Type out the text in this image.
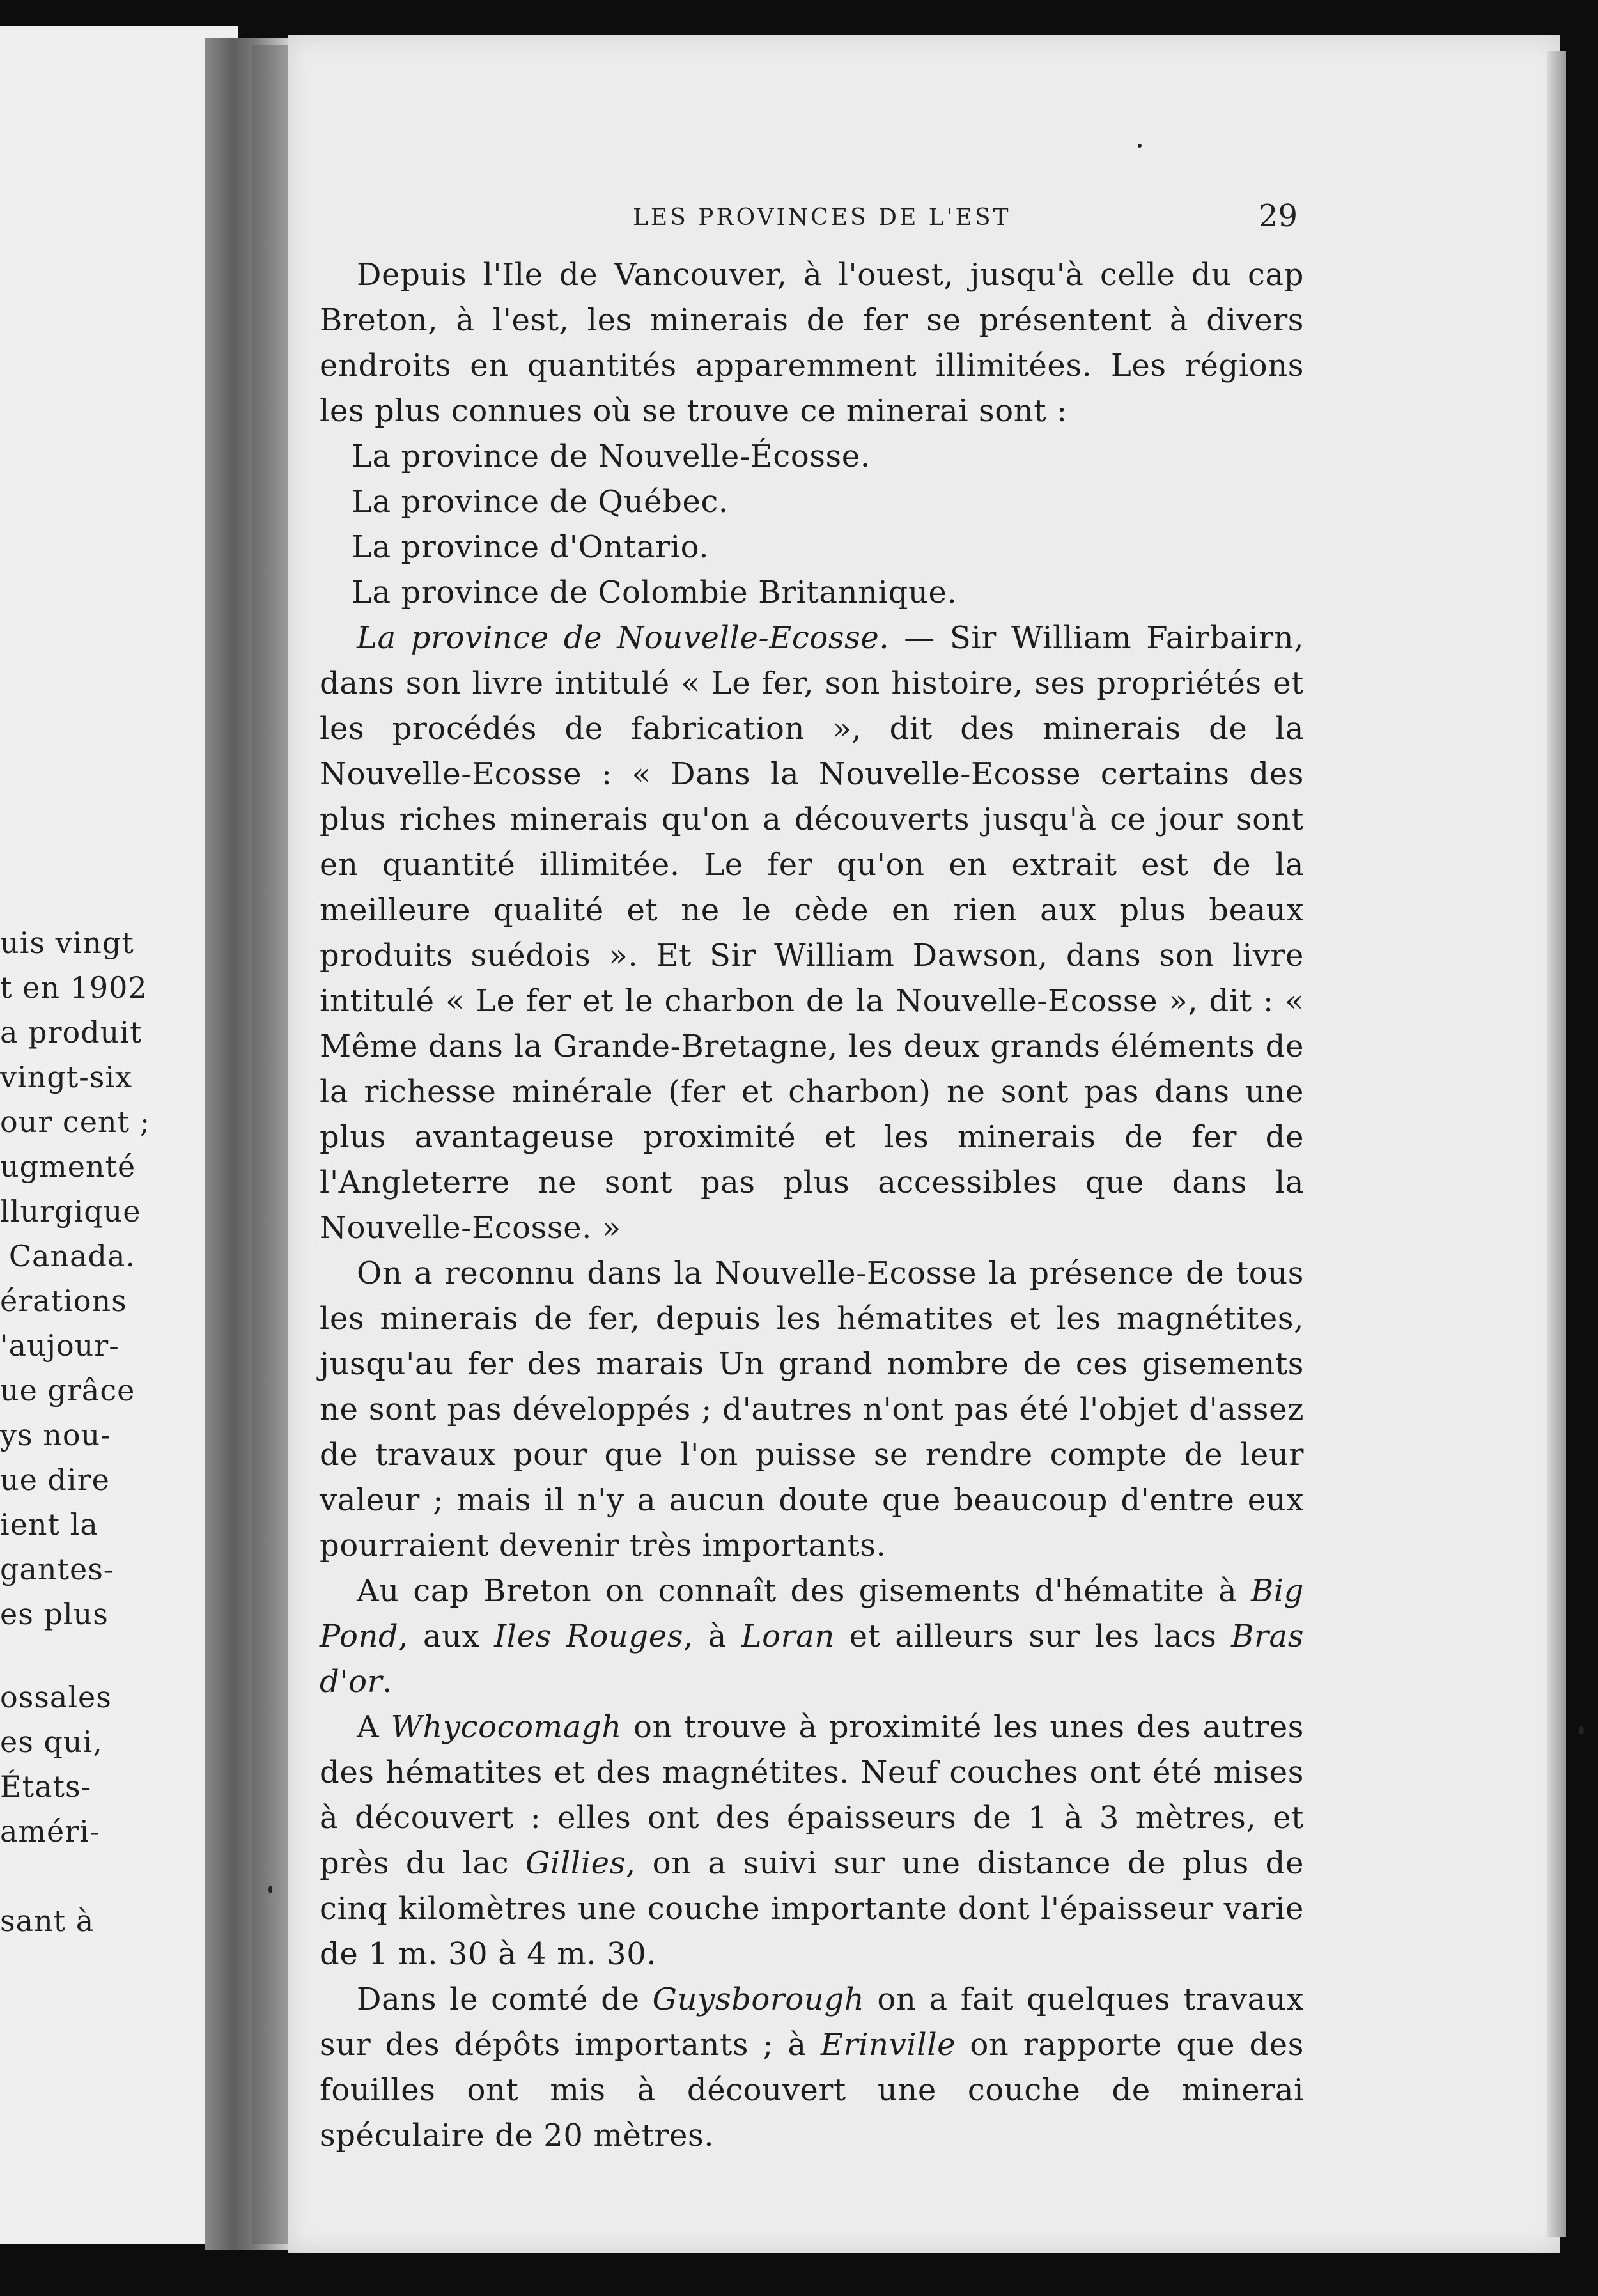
uis vingt
t en 1902
a produit
vingt-six
our cent ;
ugmenté
llurgique
Canada.
érations
'aujour-
ue grâce
ys nou-
ue dire
ient la
gantes-
es plus
ossales
es qui,
États-
améri-
sant à
LES PROVINCES DE L'EST	29

Depuis l'Ile de Vancouver, à l'ouest, jusqu'à celle du cap Breton, à l'est, les minerais de fer se présentent à divers endroits en quantités apparemment illimitées. Les régions les plus connues où se trouve ce minerai sont :

La province de Nouvelle-Écosse.

La province de Québec.

La province d'Ontario.

La province de Colombie Britannique.

La province de Nouvelle-Ecosse. — Sir William Fairbairn, dans son livre intitulé « Le fer, son histoire, ses propriétés et les procédés de fabrication », dit des minerais de la Nouvelle-Ecosse : « Dans la Nouvelle-Ecosse certains des plus riches minerais qu'on a découverts jusqu'à ce jour sont en quantité illimitée. Le fer qu'on en extrait est de la meilleure qualité et ne le cède en rien aux plus beaux produits suédois ». Et Sir William Dawson, dans son livre intitulé « Le fer et le charbon de la Nouvelle-Ecosse », dit : « Même dans la Grande-Bretagne, les deux grands éléments de la richesse minérale (fer et charbon) ne sont pas dans une plus avantageuse proximité et les minerais de fer de l'Angleterre ne sont pas plus accessibles que dans la Nouvelle-Ecosse. »

On a reconnu dans la Nouvelle-Ecosse la présence de tous les minerais de fer, depuis les hématites et les magnétites, jusqu'au fer des marais Un grand nombre de ces gisements ne sont pas développés ; d'autres n'ont pas été l'objet d'assez de travaux pour que l'on puisse se rendre compte de leur valeur ; mais il n'y a aucun doute que beaucoup d'entre eux pourraient devenir très importants.

Au cap Breton on connaît des gisements d'hématite à Big Pond, aux Iles Rouges, à Loran et ailleurs sur les lacs Bras d'or.

A Whycocomagh on trouve à proximité les unes des autres des hématites et des magnétites. Neuf couches ont été mises à découvert : elles ont des épaisseurs de 1 à 3 mètres, et près du lac Gillies, on a suivi sur une distance de plus de cinq kilomètres une couche importante dont l'épaisseur varie de 1 m. 30 à 4 m. 30.

Dans le comté de Guysborough on a fait quelques travaux sur des dépôts importants ; à Erinville on rapporte que des fouilles ont mis à découvert une couche de minerai spéculaire de 20 mètres.
